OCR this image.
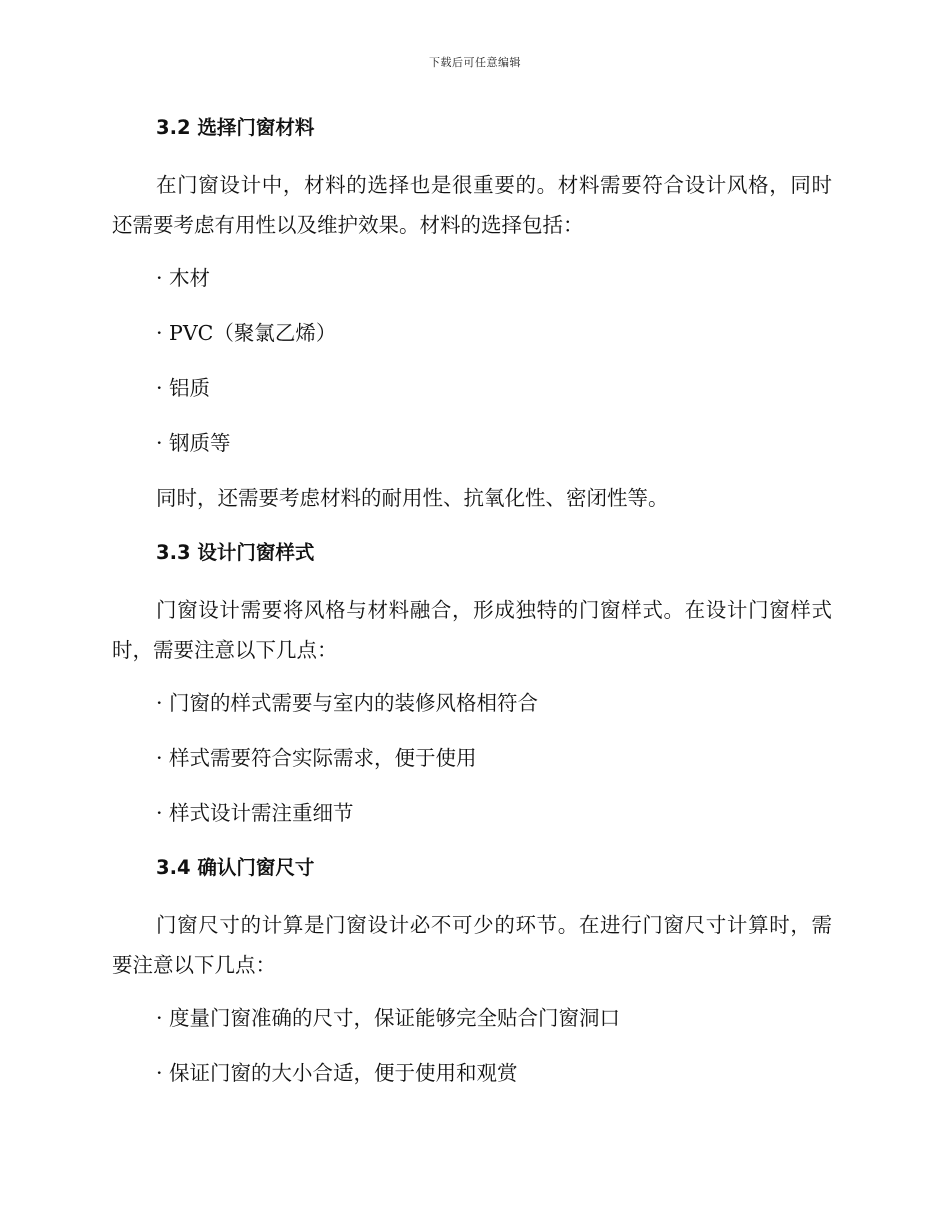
下载后可任意编辑
3.2 选择门窗材料
在门窗设计中，材料的选择也是很重要的。材料需要符合设计风格，同时还需要考虑有用性以及维护效果。材料的选择包括：
· 木材
· PVC（聚氯乙烯）
· 铝质
· 钢质等
同时，还需要考虑材料的耐用性、抗氧化性、密闭性等。
3.3 设计门窗样式
门窗设计需要将风格与材料融合，形成独特的门窗样式。在设计门窗样式时，需要注意以下几点：
· 门窗的样式需要与室内的装修风格相符合
· 样式需要符合实际需求，便于使用
· 样式设计需注重细节
3.4 确认门窗尺寸
门窗尺寸的计算是门窗设计必不可少的环节。在进行门窗尺寸计算时，需要注意以下几点：
· 度量门窗准确的尺寸，保证能够完全贴合门窗洞口
· 保证门窗的大小合适，便于使用和观赏
